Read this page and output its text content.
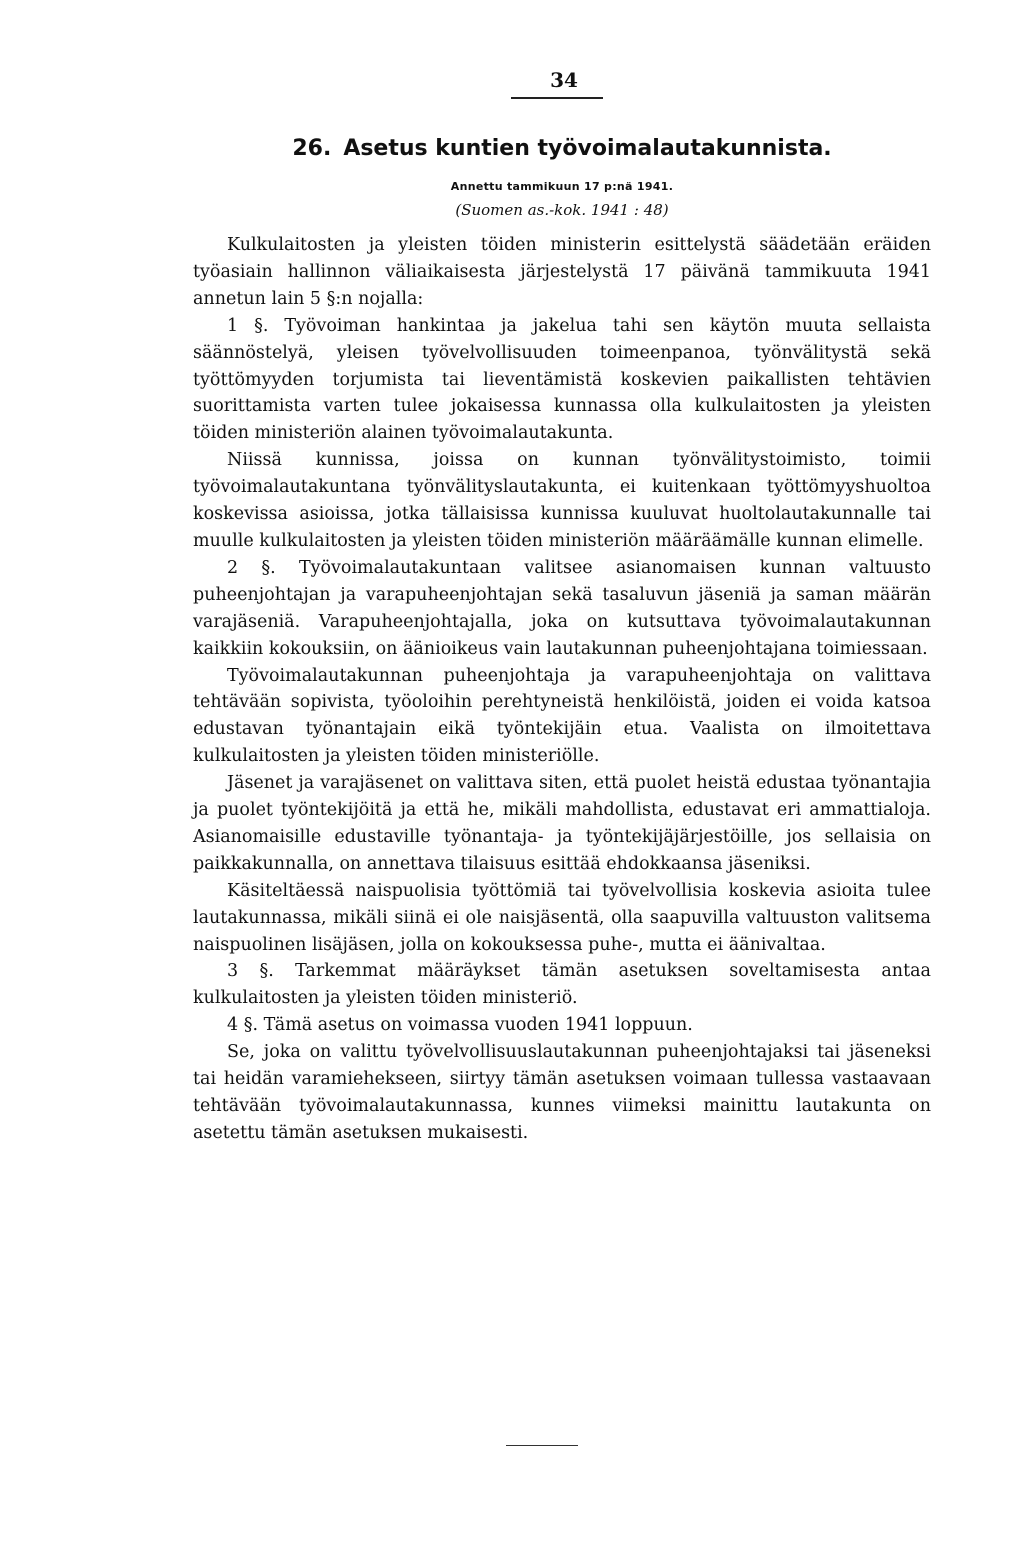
34
26. Asetus kuntien työvoimalautakunnista.
Annettu tammikuun 17 p:nä 1941.
(Suomen as.-kok. 1941 : 48)

Kulkulaitosten ja yleisten töiden ministerin esittelystä säädetään eräiden työasiain hallinnon väliaikaisesta järjestelystä 17 päivänä tammikuuta 1941 annetun lain 5 §:n nojalla:

1 §. Työvoiman hankintaa ja jakelua tahi sen käytön muuta sellaista säännöstelyä, yleisen työvelvollisuuden toimeenpanoa, työnvälitystä sekä työttömyyden torjumista tai lieventämistä koskevien paikallisten tehtävien suorittamista varten tulee jokaisessa kunnassa olla kulkulaitosten ja yleisten töiden ministeriön alainen työvoimalautakunta.

Niissä kunnissa, joissa on kunnan työnvälitystoimisto, toimii työvoimalautakuntana työnvälityslautakunta, ei kuitenkaan työttömyyshuoltoa koskevissa asioissa, jotka tällaisissa kunnissa kuuluvat huoltolautakunnalle tai muulle kulkulaitosten ja yleisten töiden ministeriön määräämälle kunnan elimelle.

2 §. Työvoimalautakuntaan valitsee asianomaisen kunnan valtuusto puheenjohtajan ja varapuheenjohtajan sekä tasaluvun jäseniä ja saman määrän varajäseniä. Varapuheenjohtajalla, joka on kutsuttava työvoimalautakunnan kaikkiin kokouksiin, on äänioikeus vain lautakunnan puheenjohtajana toimiessaan.

Työvoimalautakunnan puheenjohtaja ja varapuheenjohtaja on valittava tehtävään sopivista, työoloihin perehtyneistä henkilöistä, joiden ei voida katsoa edustavan työnantajain eikä työntekijäin etua. Vaalista on ilmoitettava kulkulaitosten ja yleisten töiden ministeriölle.

Jäsenet ja varajäsenet on valittava siten, että puolet heistä edustaa työnantajia ja puolet työntekijöitä ja että he, mikäli mahdollista, edustavat eri ammattialoja. Asianomaisille edustaville työnantaja- ja työntekijäjärjestöille, jos sellaisia on paikkakunnalla, on annettava tilaisuus esittää ehdokkaansa jäseniksi.

Käsiteltäessä naispuolisia työttömiä tai työvelvollisia koskevia asioita tulee lautakunnassa, mikäli siinä ei ole naisjäsentä, olla saapuvilla valtuuston valitsema naispuolinen lisäjäsen, jolla on kokouksessa puhe-, mutta ei äänivaltaa.

3 §. Tarkemmat määräykset tämän asetuksen soveltamisesta antaa kulkulaitosten ja yleisten töiden ministeriö.

4 §. Tämä asetus on voimassa vuoden 1941 loppuun.

Se, joka on valittu työvelvollisuuslautakunnan puheenjohtajaksi tai jäseneksi tai heidän varamiehekseen, siirtyy tämän asetuksen voimaan tullessa vastaavaan tehtävään työvoimalautakunnassa, kunnes viimeksi mainittu lautakunta on asetettu tämän asetuksen mukaisesti.
